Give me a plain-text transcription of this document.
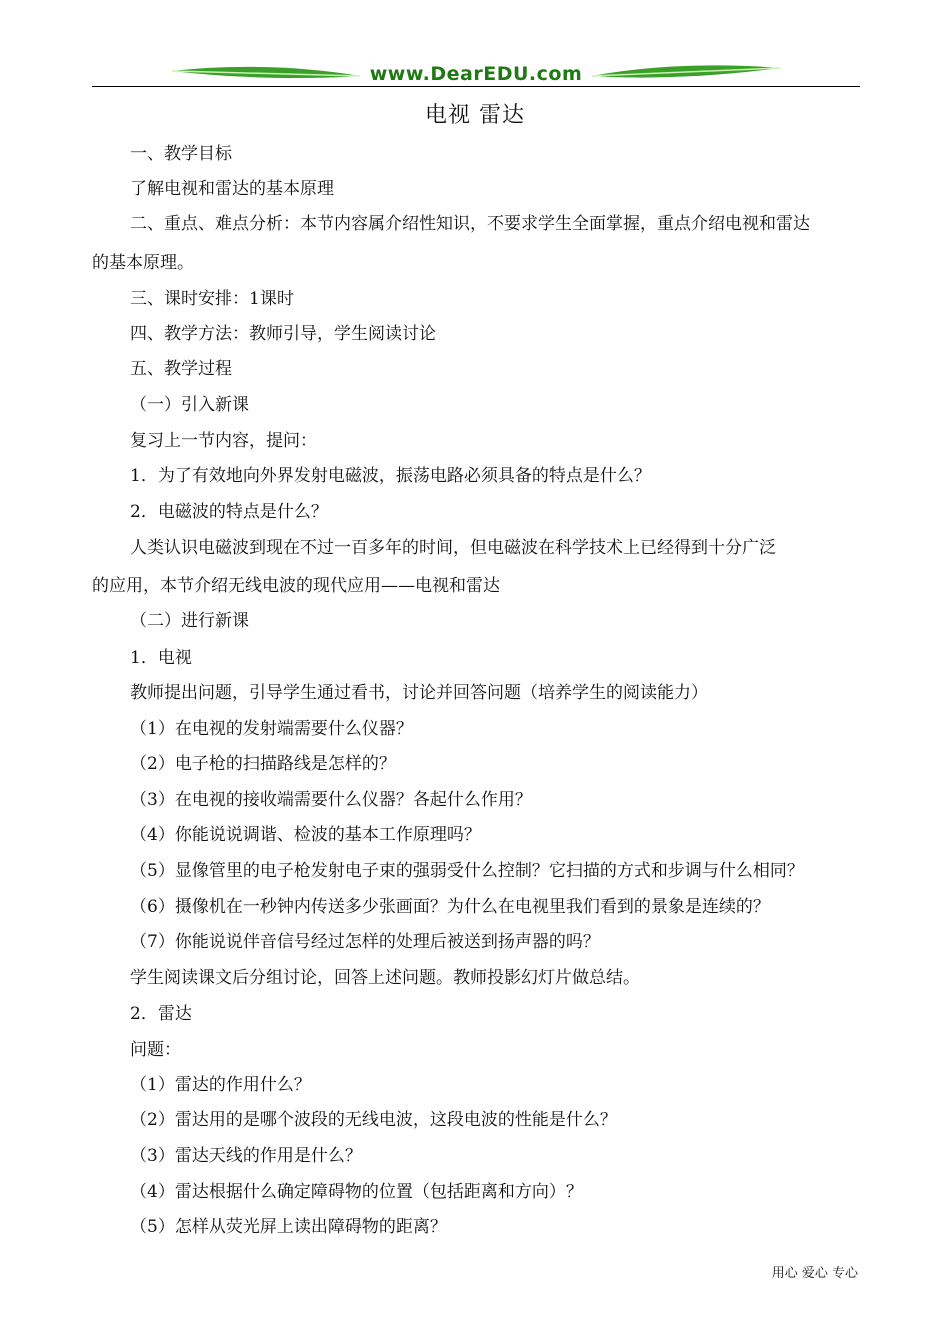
www.DearEDU.com
电视 雷达
一、教学目标
了解电视和雷达的基本原理
二、重点、难点分析：本节内容属介绍性知识，不要求学生全面掌握，重点介绍电视和雷达
的基本原理。
三、课时安排：1课时
四、教学方法：教师引导，学生阅读讨论
五、教学过程
（一）引入新课
复习上一节内容，提问：
1．为了有效地向外界发射电磁波，振荡电路必须具备的特点是什么？
2．电磁波的特点是什么？
人类认识电磁波到现在不过一百多年的时间，但电磁波在科学技术上已经得到十分广泛
的应用，本节介绍无线电波的现代应用——电视和雷达
（二）进行新课
1．电视
教师提出问题，引导学生通过看书，讨论并回答问题（培养学生的阅读能力）
（1）在电视的发射端需要什么仪器？
（2）电子枪的扫描路线是怎样的？
（3）在电视的接收端需要什么仪器？各起什么作用？
（4）你能说说调谐、检波的基本工作原理吗？
（5）显像管里的电子枪发射电子束的强弱受什么控制？它扫描的方式和步调与什么相同？
（6）摄像机在一秒钟内传送多少张画面？为什么在电视里我们看到的景象是连续的？
（7）你能说说伴音信号经过怎样的处理后被送到扬声器的吗？
学生阅读课文后分组讨论，回答上述问题。教师投影幻灯片做总结。
2．雷达
问题：
（1）雷达的作用什么？
（2）雷达用的是哪个波段的无线电波，这段电波的性能是什么？
（3）雷达天线的作用是什么？
（4）雷达根据什么确定障碍物的位置（包括距离和方向）？
（5）怎样从荧光屏上读出障碍物的距离？
用心 爱心 专心
